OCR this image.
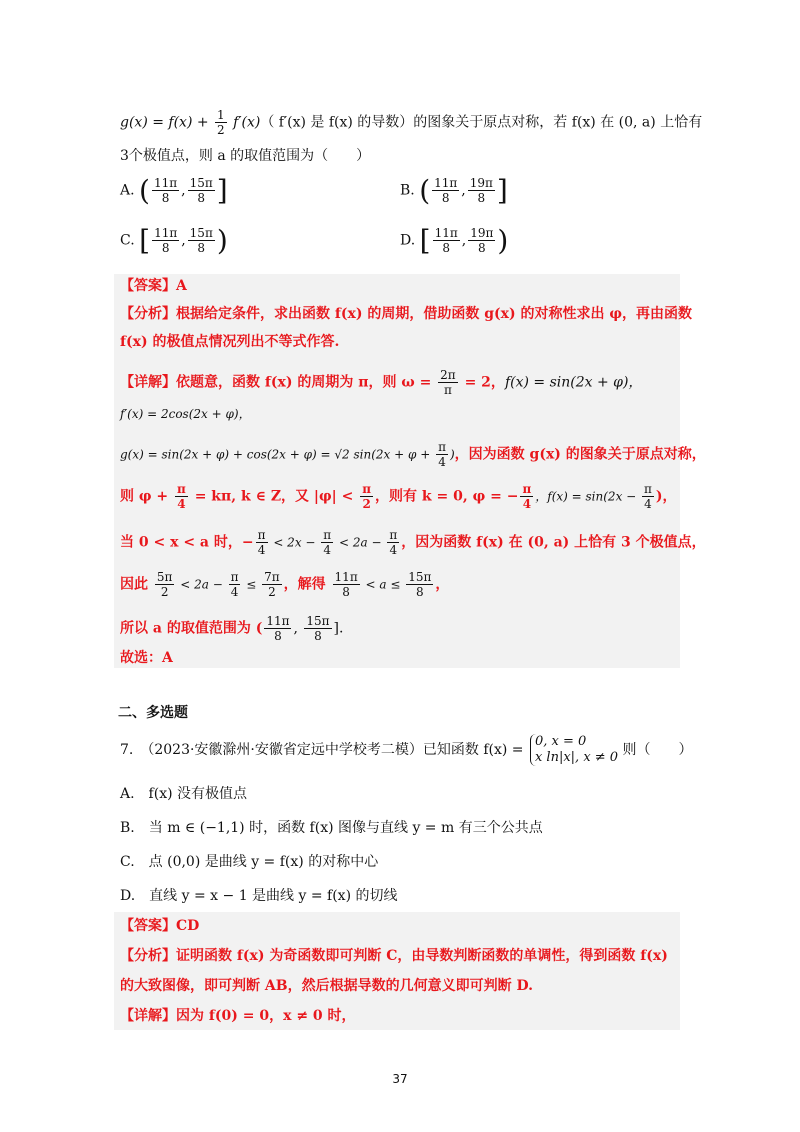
$g(x) = f(x) + \frac{1}{2} f'(x)$（ f′(x) 是 f(x) 的导数）的图象关于原点对称，若 f(x) 在 (0, a) 上恰有
3个极值点，则 a 的取值范围为（　　）
A. ( $\frac{11\pi}{8}$ , $\frac{15\pi}{8}$ ]	B. ( $\frac{11\pi}{8}$ , $\frac{19\pi}{8}$ ]
C. [ $\frac{11\pi}{8}$ , $\frac{15\pi}{8}$ )	D. [ $\frac{11\pi}{8}$ , $\frac{19\pi}{8}$ )
【答案】A
【分析】根据给定条件，求出函数 f(x) 的周期，借助函数 g(x) 的对称性求出 φ，再由函数
f(x) 的极值点情况列出不等式作答.
【详解】依题意，函数 f(x) 的周期为 π，则 $\omega = \frac{2\pi}{\pi} = 2$，f(x) = sin(2x + φ)，
f′(x) = 2cos(2x + φ)，
g(x) = sin(2x + φ) + cos(2x + φ) = √2 $\sin(2x + \varphi + \frac{\pi}{4}$ )，因为函数 g(x) 的图象关于原点对称，
则 $\varphi + \frac{\pi}{4} = k\pi$, k ∈ Z，又 $|\varphi| < \frac{\pi}{2}$ ，则有 k = 0, φ = − $\frac{\pi}{4}$ ，$f(x) = \sin(2x - \frac{\pi}{4}$ )，
当 0 < x < a 时，− $\frac{\pi}{4} < 2x - \frac{\pi}{4} < 2a - \frac{\pi}{4}$ ，因为函数 f(x) 在 (0, a) 上恰有 3 个极值点，
因此 $\frac{5\pi}{2} < 2a - \frac{\pi}{4} \le \frac{7\pi}{2}$ ，解得 $\frac{11\pi}{8} < a \le \frac{15\pi}{8}$ ，
所以 a 的取值范围为 ( $\frac{11\pi}{8}$ , $\frac{15\pi}{8}$ ].
故选：A
二、多选题
7.　（2023·安徽滁州·安徽省定远中学校考二模）已知函数 f(x) =
0, x = 0
x ln|x|, x ≠ 0 则（　　）
A.　f(x) 没有极值点
B.　当 m ∈ (−1,1) 时，函数 f(x) 图像与直线 y = m 有三个公共点
C.　点 (0,0) 是曲线 y = f(x) 的对称中心
D.　直线 y = x − 1 是曲线 y = f(x) 的切线
【答案】CD
【分析】证明函数 f(x) 为奇函数即可判断 C，由导数判断函数的单调性，得到函数 f(x)
的大致图像，即可判断 AB，然后根据导数的几何意义即可判断 D.
【详解】因为 f(0) = 0，x ≠ 0 时，
37
